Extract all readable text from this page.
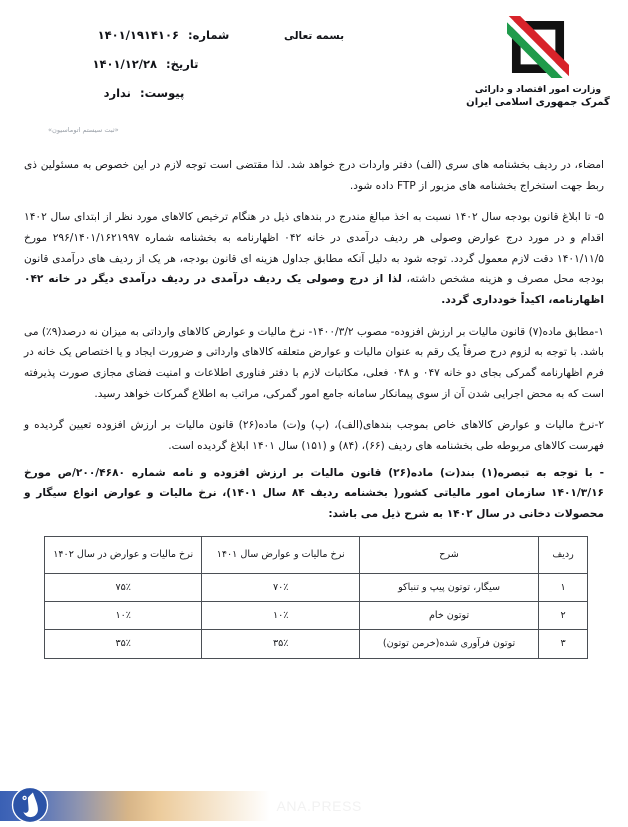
وزارت امور اقتصاد و دارائی
گمرک جمهوری اسلامی ایران
بسمه تعالی
شماره:
۱۴۰۱/۱۹۱۴۱۰۶
تاریخ:
۱۴۰۱/۱۲/۲۸
پیوست:
ندارد
«ثبت سیستم اتوماسیون»

امضاء، در ردیف بخشنامه های سری (الف) دفتر واردات درج خواهد شد. لذا مقتضی است توجه لازم در این خصوص به مسئولین ذی ربط جهت استخراج بخشنامه های مزبور از FTP داده شود.

۵- تا ابلاغ قانون بودجه سال ۱۴۰۲ نسبت به اخذ مبالغ مندرج در بندهای ذیل در هنگام ترخیص کالاهای مورد نظر از ابتدای سال ۱۴۰۲ اقدام و در مورد درج عوارض وصولی هر ردیف درآمدی در خانه ۰۴۲ اظهارنامه به بخشنامه شماره ۲۹۶/۱۴۰۱/۱۶۲۱۹۹۷ مورخ ۱۴۰۱/۱۱/۵ دقت لازم معمول گردد. توجه شود به دلیل آنکه مطابق جداول هزینه ای قانون بودجه، هر یک از ردیف های درآمدی قانون بودجه محل مصرف و هزینه مشخص داشته، لذا از درج وصولی یک ردیف درآمدی در ردیف درآمدی دیگر در خانه ۰۴۲ اظهارنامه، اکیداً خودداری گردد.

۱-مطابق ماده(۷) قانون مالیات بر ارزش افزوده- مصوب ۱۴۰۰/۳/۲- نرخ مالیات و عوارض کالاهای وارداتی به میزان نه درصد(۹٪) می باشد. با توجه به لزوم درج صرفاً یک رقم به عنوان مالیات و عوارض متعلقه کالاهای وارداتی و ضرورت ایجاد و یا اختصاص یک خانه در فرم اظهارنامه گمرکی بجای دو خانه ۰۴۷ و ۰۴۸ فعلی، مکاتبات لازم با دفتر فناوری اطلاعات و امنیت فضای مجازی صورت پذیرفته است که به محض اجرایی شدن آن از سوی پیمانکار سامانه جامع امور گمرکی، مراتب به اطلاع گمرکات خواهد رسید.

۲-نرخ مالیات و عوارض کالاهای خاص بموجب بندهای(الف)، (پ) و(ت) ماده(۲۶) قانون مالیات بر ارزش افزوده تعیین گردیده و فهرست کالاهای مربوطه طی بخشنامه های ردیف (۶۶)، (۸۴) و (۱۵۱) سال ۱۴۰۱ ابلاغ گردیده است.

- با توجه به تبصره(۱) بند(ت) ماده(۲۶) قانون مالیات بر ارزش افزوده و نامه شماره ۲۰۰/۴۶۸۰/ص مورخ ۱۴۰۱/۳/۱۶ سازمان امور مالیاتی کشور( بخشنامه ردیف ۸۴ سال ۱۴۰۱)، نرخ مالیات و عوارض انواع سیگار و محصولات دخانی در سال ۱۴۰۲ به شرح ذیل می باشد:

ردیف	شرح	نرخ مالیات و عوارض سال ۱۴۰۱	نرخ مالیات و عوارض در سال ۱۴۰۲
۱	سیگار، توتون پیپ و تنباکو	۷۰٪	۷۵٪
۲	توتون خام	۱۰٪	۱۰٪
۳	توتون فرآوری شده(خرمن توتون)	۳۵٪	۳۵٪
ANA.PRESS
